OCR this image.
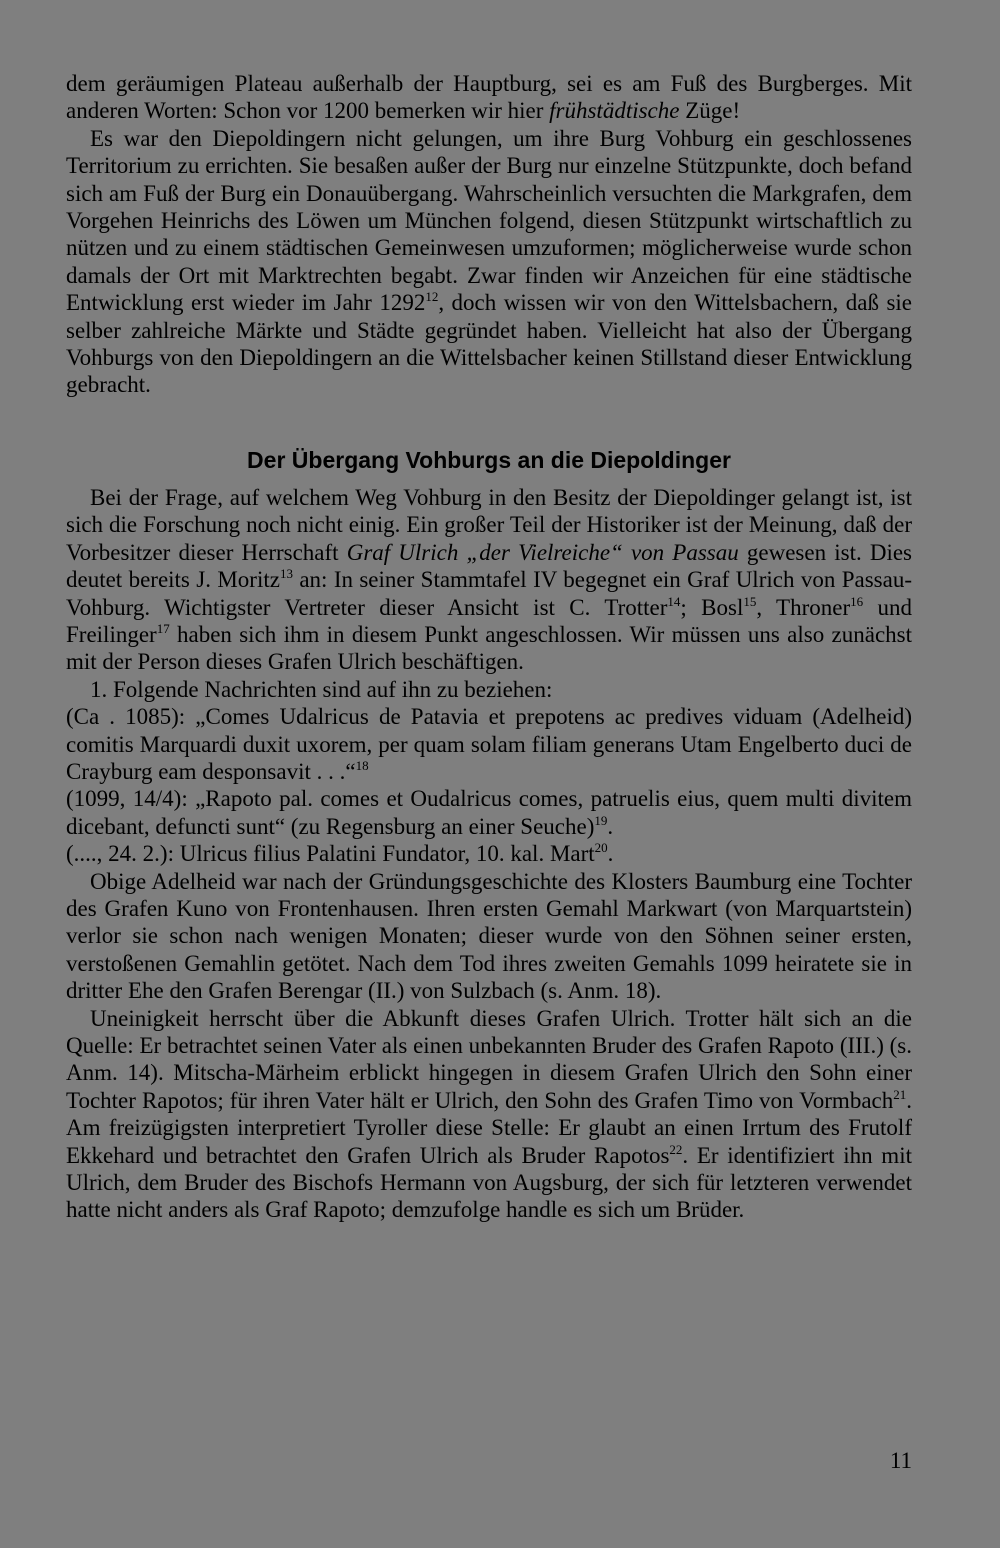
dem geräumigen Plateau außerhalb der Hauptburg, sei es am Fuß des Burgberges. Mit anderen Worten: Schon vor 1200 bemerken wir hier frühstädtische Züge!

Es war den Diepoldingern nicht gelungen, um ihre Burg Vohburg ein geschlossenes Territorium zu errichten. Sie besaßen außer der Burg nur einzelne Stützpunkte, doch befand sich am Fuß der Burg ein Donauübergang. Wahrscheinlich versuchten die Markgrafen, dem Vorgehen Heinrichs des Löwen um München folgend, diesen Stützpunkt wirtschaftlich zu nützen und zu einem städtischen Gemeinwesen umzuformen; möglicherweise wurde schon damals der Ort mit Marktrechten begabt. Zwar finden wir Anzeichen für eine städtische Entwicklung erst wieder im Jahr 1292$^{12}$, doch wissen wir von den Wittelsbachern, daß sie selber zahlreiche Märkte und Städte gegründet haben. Vielleicht hat also der Übergang Vohburgs von den Diepoldingern an die Wittelsbacher keinen Stillstand dieser Entwicklung gebracht.

Der Übergang Vohburgs an die Diepoldinger

Bei der Frage, auf welchem Weg Vohburg in den Besitz der Diepoldinger gelangt ist, ist sich die Forschung noch nicht einig. Ein großer Teil der Historiker ist der Meinung, daß der Vorbesitzer dieser Herrschaft Graf Ulrich „der Vielreiche“ von Passau gewesen ist. Dies deutet bereits J. Moritz$^{13}$ an: In seiner Stammtafel IV begegnet ein Graf Ulrich von Passau-Vohburg. Wichtigster Vertreter dieser Ansicht ist C. Trotter$^{14}$; Bosl$^{15}$, Throner$^{16}$ und Freilinger$^{17}$ haben sich ihm in diesem Punkt angeschlossen. Wir müssen uns also zunächst mit der Person dieses Grafen Ulrich beschäftigen.

1. Folgende Nachrichten sind auf ihn zu beziehen:

(Ca . 1085): „Comes Udalricus de Patavia et prepotens ac predives viduam (Adelheid) comitis Marquardi duxit uxorem, per quam solam filiam generans Utam Engelberto duci de Crayburg eam desponsavit . . .“$^{18}$

(1099, 14/4): „Rapoto pal. comes et Oudalricus comes, patruelis eius, quem multi divitem dicebant, defuncti sunt“ (zu Regensburg an einer Seuche)$^{19}$.

(...., 24. 2.): Ulricus filius Palatini Fundator, 10. kal. Mart$^{20}$.

Obige Adelheid war nach der Gründungsgeschichte des Klosters Baumburg eine Tochter des Grafen Kuno von Frontenhausen. Ihren ersten Gemahl Markwart (von Marquartstein) verlor sie schon nach wenigen Monaten; dieser wurde von den Söhnen seiner ersten, verstoßenen Gemahlin getötet. Nach dem Tod ihres zweiten Gemahls 1099 heiratete sie in dritter Ehe den Grafen Berengar (II.) von Sulzbach (s. Anm. 18).

Uneinigkeit herrscht über die Abkunft dieses Grafen Ulrich. Trotter hält sich an die Quelle: Er betrachtet seinen Vater als einen unbekannten Bruder des Grafen Rapoto (III.) (s. Anm. 14). Mitscha-Märheim erblickt hingegen in diesem Grafen Ulrich den Sohn einer Tochter Rapotos; für ihren Vater hält er Ulrich, den Sohn des Grafen Timo von Vormbach$^{21}$. Am freizügigsten interpretiert Tyroller diese Stelle: Er glaubt an einen Irrtum des Frutolf Ekkehard und betrachtet den Grafen Ulrich als Bruder Rapotos$^{22}$. Er identifiziert ihn mit Ulrich, dem Bruder des Bischofs Hermann von Augsburg, der sich für letzteren verwendet hatte nicht anders als Graf Rapoto; demzufolge handle es sich um Brüder.

11
